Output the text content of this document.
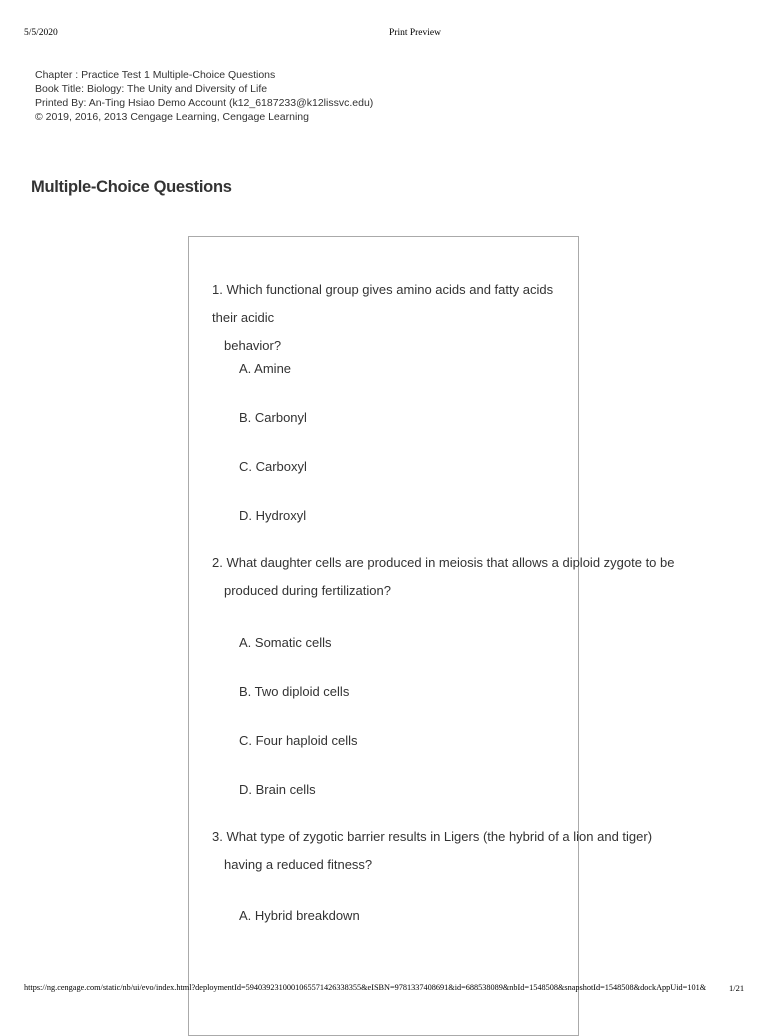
5/5/2020	Print Preview
Chapter : Practice Test 1 Multiple-Choice Questions
Book Title: Biology: The Unity and Diversity of Life
Printed By: An-Ting Hsiao Demo Account (k12_6187233@k12lissvc.edu)
© 2019, 2016, 2013 Cengage Learning, Cengage Learning
Multiple-Choice Questions
1. Which functional group gives amino acids and fatty acids their acidic
behavior?
A. Amine
B. Carbonyl
C. Carboxyl
D. Hydroxyl
2. What daughter cells are produced in meiosis that allows a diploid zygote to be
produced during fertilization?
A. Somatic cells
B. Two diploid cells
C. Four haploid cells
D. Brain cells
3. What type of zygotic barrier results in Ligers (the hybrid of a lion and tiger)
having a reduced fitness?
A. Hybrid breakdown
https://ng.cengage.com/static/nb/ui/evo/index.html?deploymentId=5940392310001065571426338355&eISBN=9781337408691&id=688538089&nbId=1548508&snapshotId=1548508&dockAppUid=101&	1/21
